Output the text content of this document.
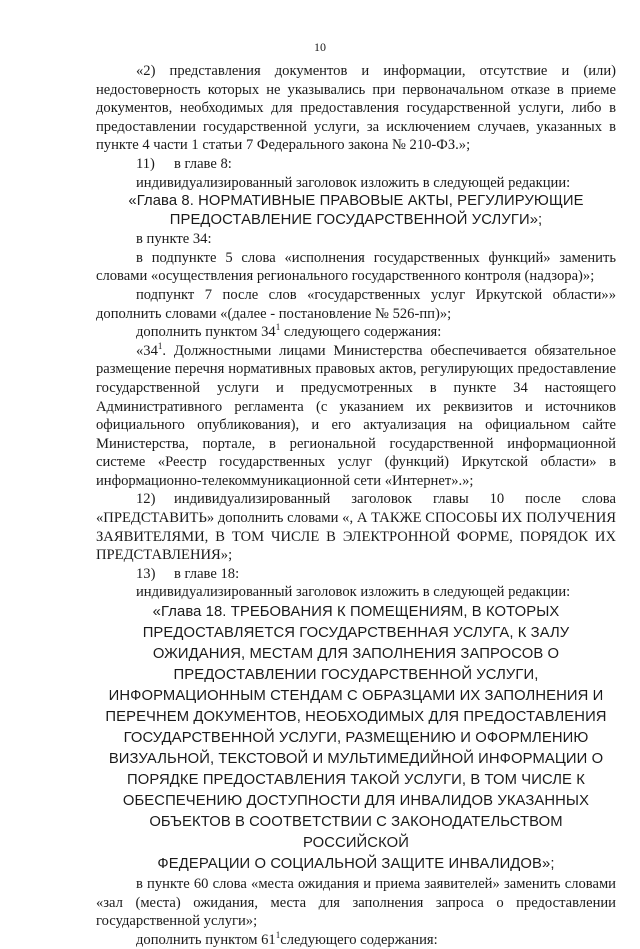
10

«2) представления документов и информации, отсутствие и (или) недостоверность которых не указывались при первоначальном отказе в приеме документов, необходимых для предоставления государственной услуги, либо в предоставлении государственной услуги, за исключением случаев, указанных в пункте 4 части 1 статьи 7 Федерального закона № 210-ФЗ.»;

11) в главе 8:

индивидуализированный заголовок изложить в следующей редакции:

«Глава 8. НОРМАТИВНЫЕ ПРАВОВЫЕ АКТЫ, РЕГУЛИРУЮЩИЕ
ПРЕДОСТАВЛЕНИЕ ГОСУДАРСТВЕННОЙ УСЛУГИ»;

в пункте 34:

в подпункте 5 слова «исполнения государственных функций» заменить словами «осуществления регионального государственного контроля (надзора)»;

подпункт 7 после слов «государственных услуг Иркутской области»» дополнить словами «(далее - постановление № 526-пп)»;

дополнить пунктом $34^1$ следующего содержания:

«$34^1$. Должностными лицами Министерства обеспечивается обязательное размещение перечня нормативных правовых актов, регулирующих предоставление государственной услуги и предусмотренных в пункте 34 настоящего Административного регламента (с указанием их реквизитов и источников официального опубликования), и его актуализация на официальном сайте Министерства, портале, в региональной государственной информационной системе «Реестр государственных услуг (функций) Иркутской области» в информационно-телекоммуникационной сети «Интернет».»;

12) индивидуализированный заголовок главы 10 после слова «ПРЕДСТАВИТЬ» дополнить словами «, А ТАКЖЕ СПОСОБЫ ИХ ПОЛУЧЕНИЯ ЗАЯВИТЕЛЯМИ, В ТОМ ЧИСЛЕ В ЭЛЕКТРОННОЙ ФОРМЕ, ПОРЯДОК ИХ ПРЕДСТАВЛЕНИЯ»;

13) в главе 18:

индивидуализированный заголовок изложить в следующей редакции:

«Глава 18. ТРЕБОВАНИЯ К ПОМЕЩЕНИЯМ, В КОТОРЫХ
ПРЕДОСТАВЛЯЕТСЯ ГОСУДАРСТВЕННАЯ УСЛУГА, К ЗАЛУ
ОЖИДАНИЯ, МЕСТАМ ДЛЯ ЗАПОЛНЕНИЯ ЗАПРОСОВ О
ПРЕДОСТАВЛЕНИИ ГОСУДАРСТВЕННОЙ УСЛУГИ,
ИНФОРМАЦИОННЫМ СТЕНДАМ С ОБРАЗЦАМИ ИХ ЗАПОЛНЕНИЯ И
ПЕРЕЧНЕМ ДОКУМЕНТОВ, НЕОБХОДИМЫХ ДЛЯ ПРЕДОСТАВЛЕНИЯ
ГОСУДАРСТВЕННОЙ УСЛУГИ, РАЗМЕЩЕНИЮ И ОФОРМЛЕНИЮ
ВИЗУАЛЬНОЙ, ТЕКСТОВОЙ И МУЛЬТИМЕДИЙНОЙ ИНФОРМАЦИИ О
ПОРЯДКЕ ПРЕДОСТАВЛЕНИЯ ТАКОЙ УСЛУГИ, В ТОМ ЧИСЛЕ К
ОБЕСПЕЧЕНИЮ ДОСТУПНОСТИ ДЛЯ ИНВАЛИДОВ УКАЗАННЫХ
ОБЪЕКТОВ В СООТВЕТСТВИИ С ЗАКОНОДАТЕЛЬСТВОМ РОССИЙСКОЙ
ФЕДЕРАЦИИ О СОЦИАЛЬНОЙ ЗАЩИТЕ ИНВАЛИДОВ»;

в пункте 60 слова «места ожидания и приема заявителей» заменить словами «зал (места) ожидания, места для заполнения запроса о предоставлении государственной услуги»;

дополнить пунктом $61^1следующего$ содержания:
